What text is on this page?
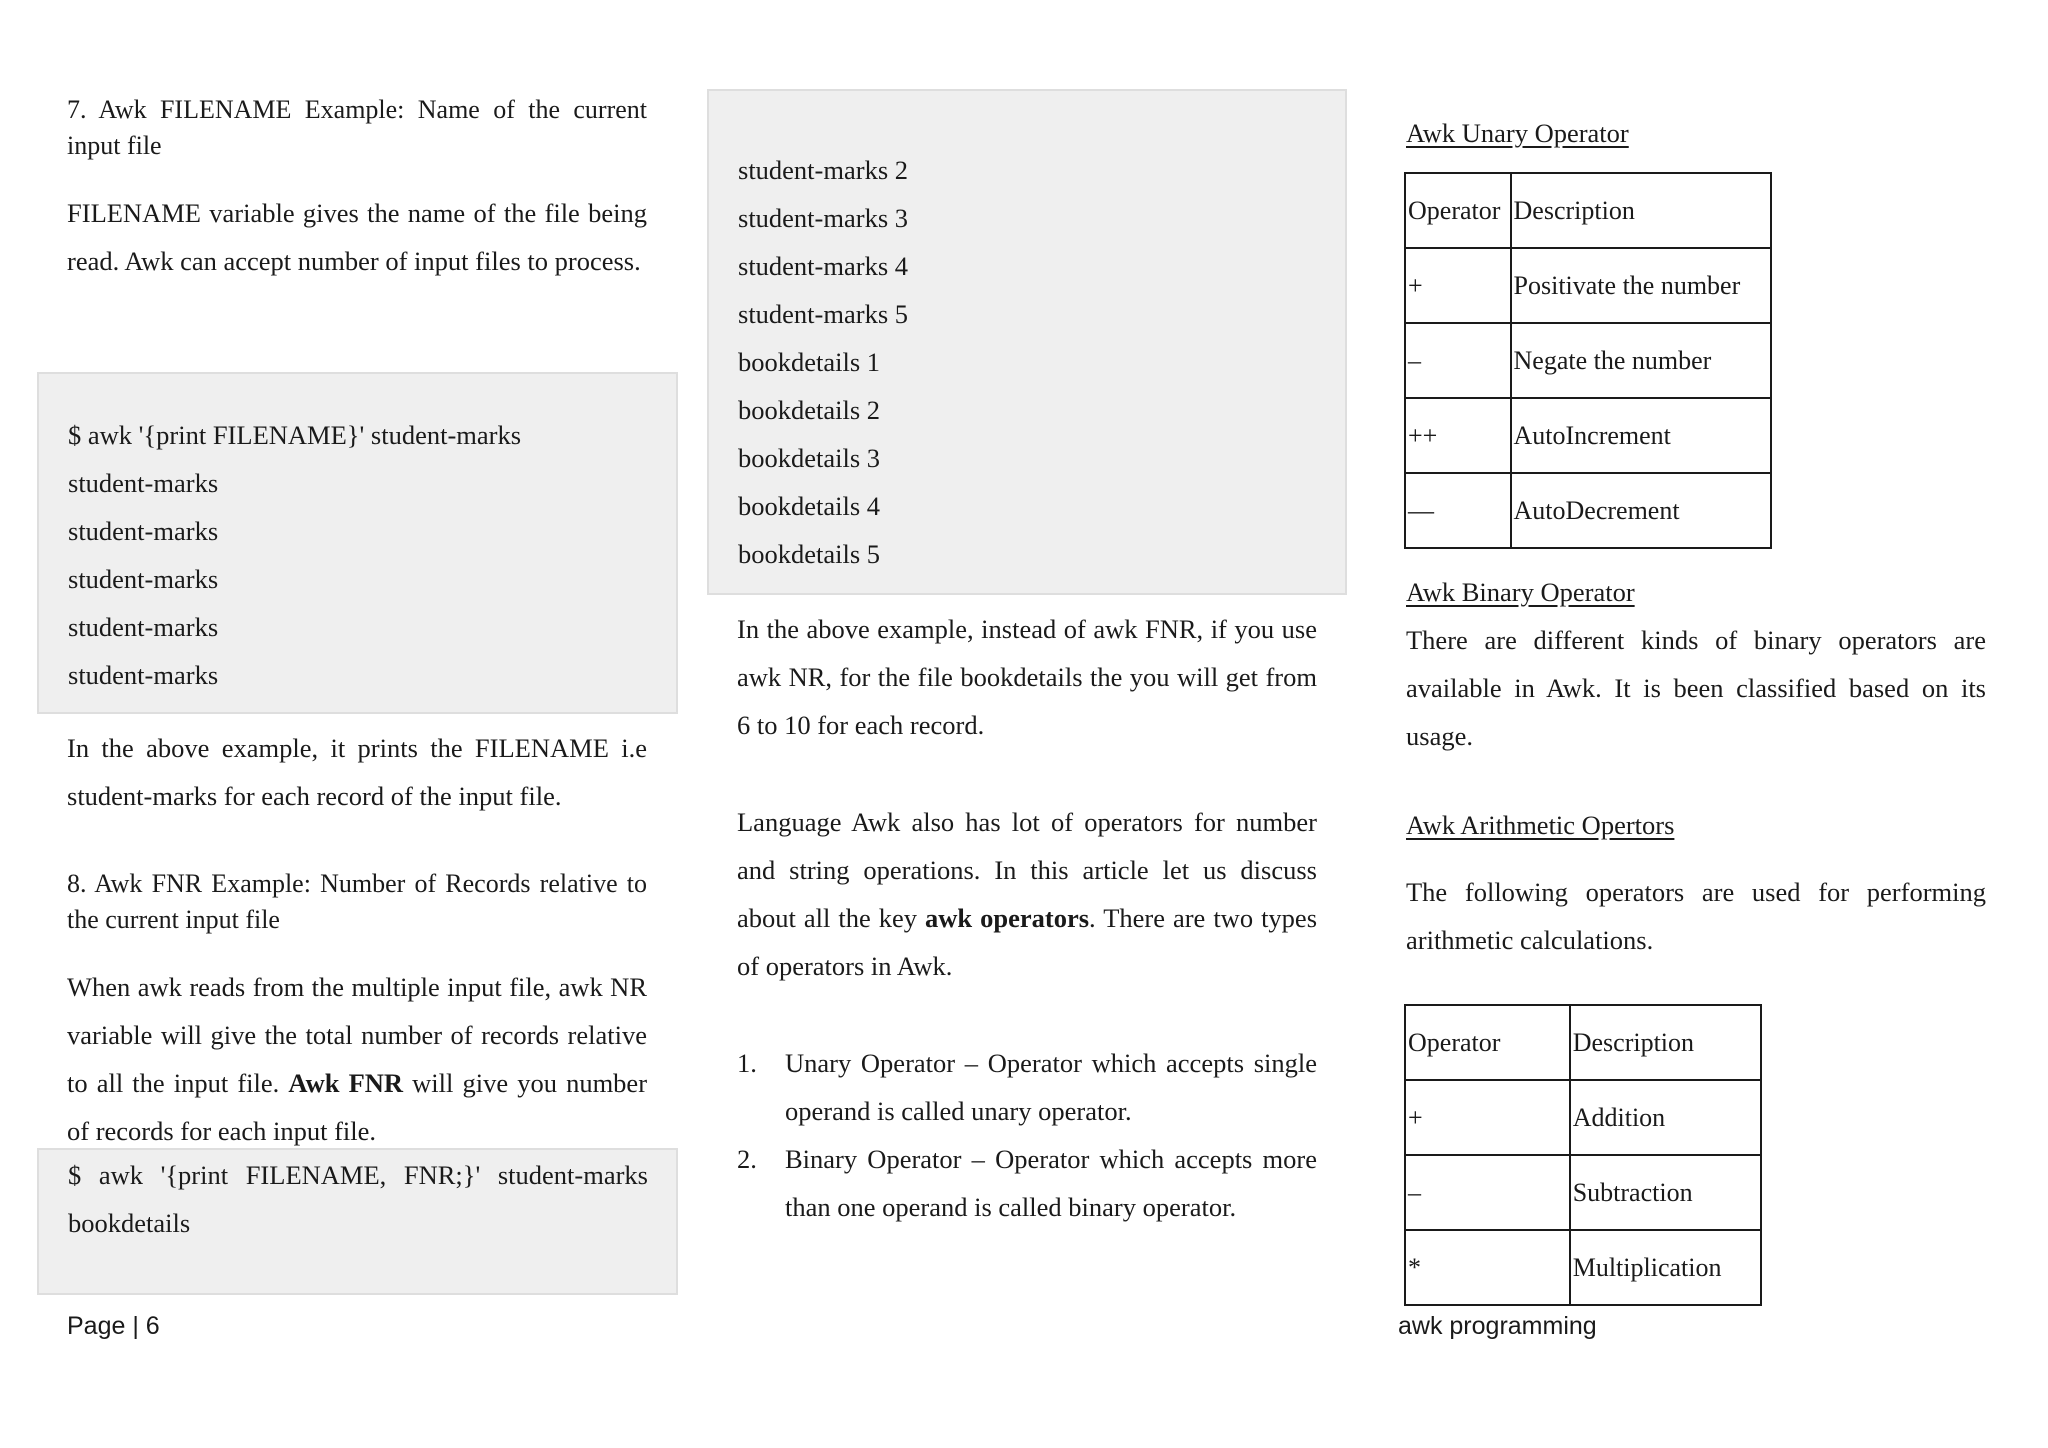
7. Awk FILENAME Example: Name of the current input file
FILENAME variable gives the name of the file being read. Awk can accept number of input files to process.
$ awk '{print FILENAME}' student-marks
student-marks
student-marks
student-marks
student-marks
student-marks
In the above example, it prints the FILENAME i.e student-marks for each record of the input file.
8. Awk FNR Example: Number of Records relative to the current input file
When awk reads from the multiple input file, awk NR variable will give the total number of records relative to all the input file. Awk FNR will give you number of records for each input file.
$ awk '{print FILENAME, FNR;}' student-marks bookdetails
Page | 6
student-marks 2
student-marks 3
student-marks 4
student-marks 5
bookdetails 1
bookdetails 2
bookdetails 3
bookdetails 4
bookdetails 5
In the above example, instead of awk FNR, if you use awk NR, for the file bookdetails the you will get from 6 to 10 for each record.
Language Awk also has lot of operators for number and string operations. In this article let us discuss about all the key awk operators. There are two types of operators in Awk.
1.	Unary Operator – Operator which accepts single operand is called unary operator.
2.	Binary Operator – Operator which accepts more than one operand is called binary operator.
Awk Unary Operator
Operator	Description
+	Positivate the number
–	Negate the number
++	AutoIncrement
—	AutoDecrement
Awk Binary Operator
There are different kinds of binary operators are available in Awk. It is been classified based on its usage.
Awk Arithmetic Opertors
The following operators are used for performing arithmetic calculations.
Operator	Description
+	Addition
–	Subtraction
*	Multiplication
awk programming
